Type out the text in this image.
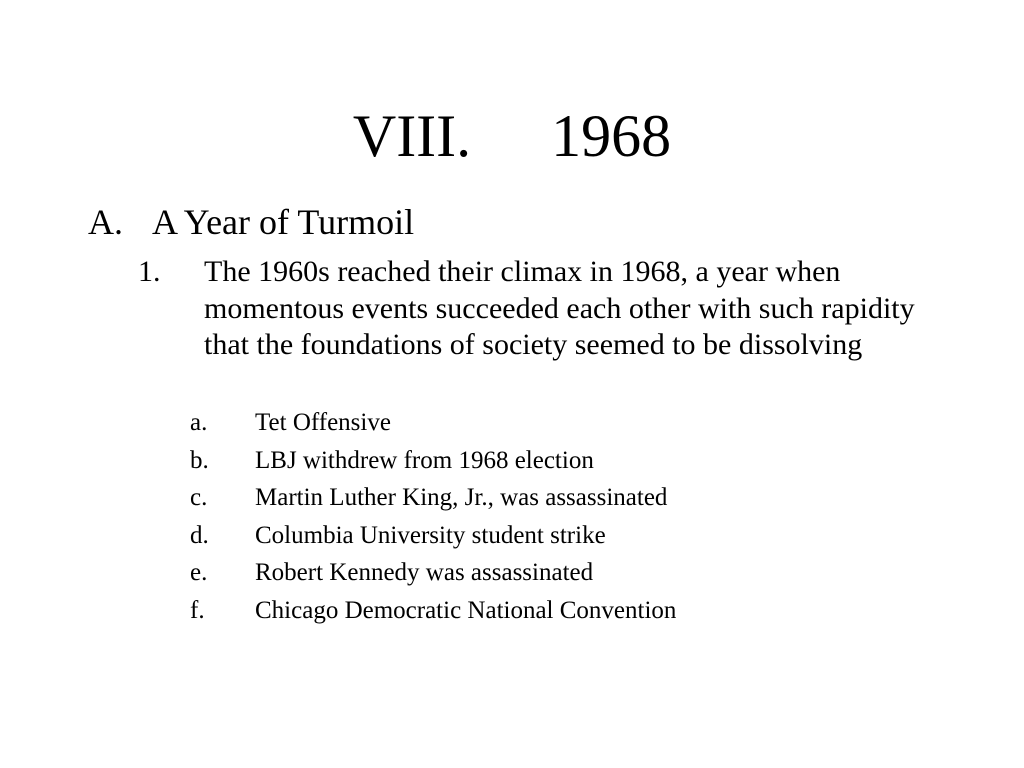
VIII. 1968
A. A Year of Turmoil
1.	The 1960s reached their climax in 1968, a year when momentous events succeeded each other with such rapidity that the foundations of society seemed to be dissolving
a.	Tet Offensive
b.	LBJ withdrew from 1968 election
c.	Martin Luther King, Jr., was assassinated
d.	Columbia University student strike
e.	Robert Kennedy was assassinated
f.	Chicago Democratic National Convention
